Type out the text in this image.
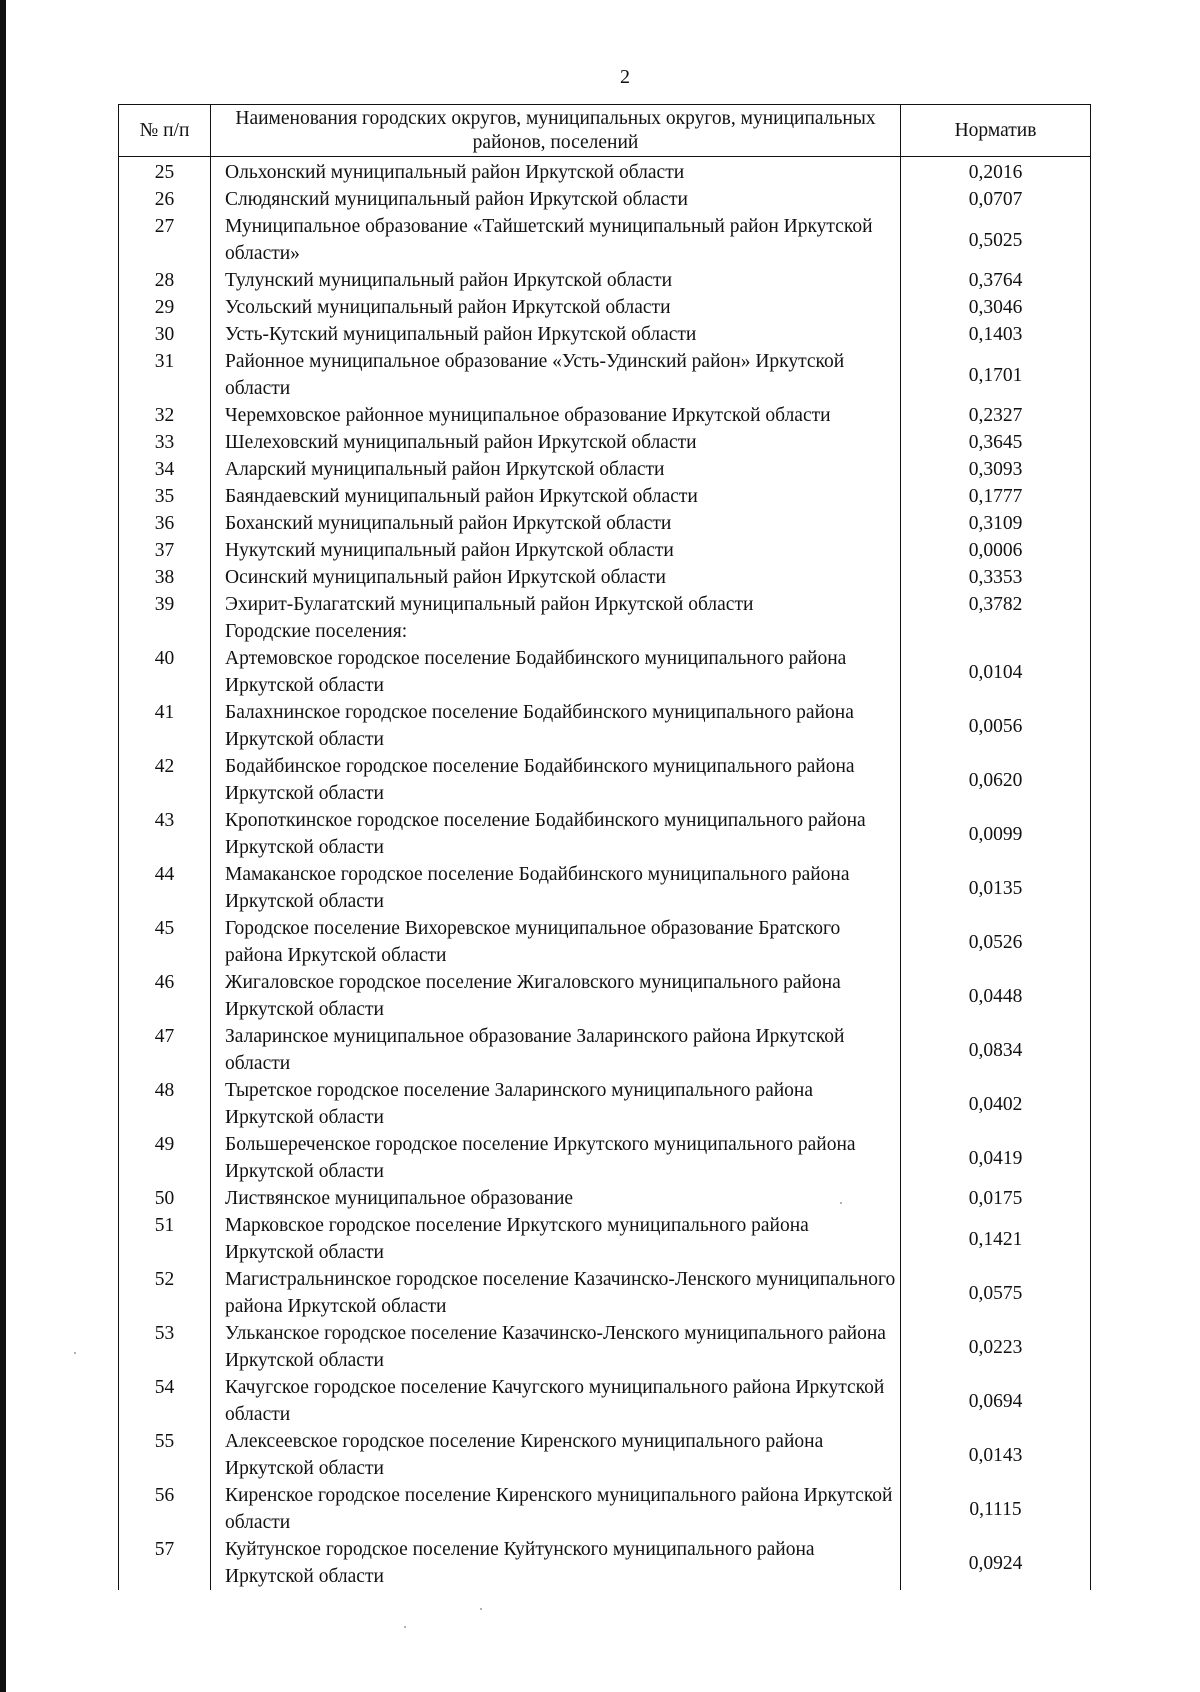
2
№ п/п	Наименования городских округов, муниципальных округов, муниципальных районов, поселений	Норматив
25	Ольхонский муниципальный район Иркутской области	0,2016
26	Слюдянский муниципальный район Иркутской области	0,0707
27	Муниципальное образование «Тайшетский муниципальный район Иркутской области»	0,5025
28	Тулунский муниципальный район Иркутской области	0,3764
29	Усольский муниципальный район Иркутской области	0,3046
30	Усть-Кутский муниципальный район Иркутской области	0,1403
31	Районное муниципальное образование «Усть-Удинский район» Иркутской области	0,1701
32	Черемховское районное муниципальное образование Иркутской области	0,2327
33	Шелеховский муниципальный район Иркутской области	0,3645
34	Аларский муниципальный район Иркутской области	0,3093
35	Баяндаевский муниципальный район Иркутской области	0,1777
36	Боханский муниципальный район Иркутской области	0,3109
37	Нукутский муниципальный район Иркутской области	0,0006
38	Осинский муниципальный район Иркутской области	0,3353
39	Эхирит-Булагатский муниципальный район Иркутской области	0,3782
	Городские поселения:	
40	Артемовское городское поселение Бодайбинского муниципального района Иркутской области	0,0104
41	Балахнинское городское поселение Бодайбинского муниципального района Иркутской области	0,0056
42	Бодайбинское городское поселение Бодайбинского муниципального района Иркутской области	0,0620
43	Кропоткинское городское поселение Бодайбинского муниципального района Иркутской области	0,0099
44	Мамаканское городское поселение Бодайбинского муниципального района Иркутской области	0,0135
45	Городское поселение Вихоревское муниципальное образование Братского района Иркутской области	0,0526
46	Жигаловское городское поселение Жигаловского муниципального района Иркутской области	0,0448
47	Заларинское муниципальное образование Заларинского района Иркутской области	0,0834
48	Тыретское городское поселение Заларинского муниципального района Иркутской области	0,0402
49	Большереченское городское поселение Иркутского муниципального района Иркутской области	0,0419
50	Листвянское муниципальное образование	0,0175
51	Марковское городское поселение Иркутского муниципального района Иркутской области	0,1421
52	Магистральнинское городское поселение Казачинско-Ленского муниципального района Иркутской области	0,0575
53	Ульканское городское поселение Казачинско-Ленского муниципального района Иркутской области	0,0223
54	Качугское городское поселение Качугского муниципального района Иркутской области	0,0694
55	Алексеевское городское поселение Киренского муниципального района Иркутской области	0,0143
56	Киренское городское поселение Киренского муниципального района Иркутской области	0,1115
57	Куйтунское городское поселение Куйтунского муниципального района Иркутской области	0,0924
